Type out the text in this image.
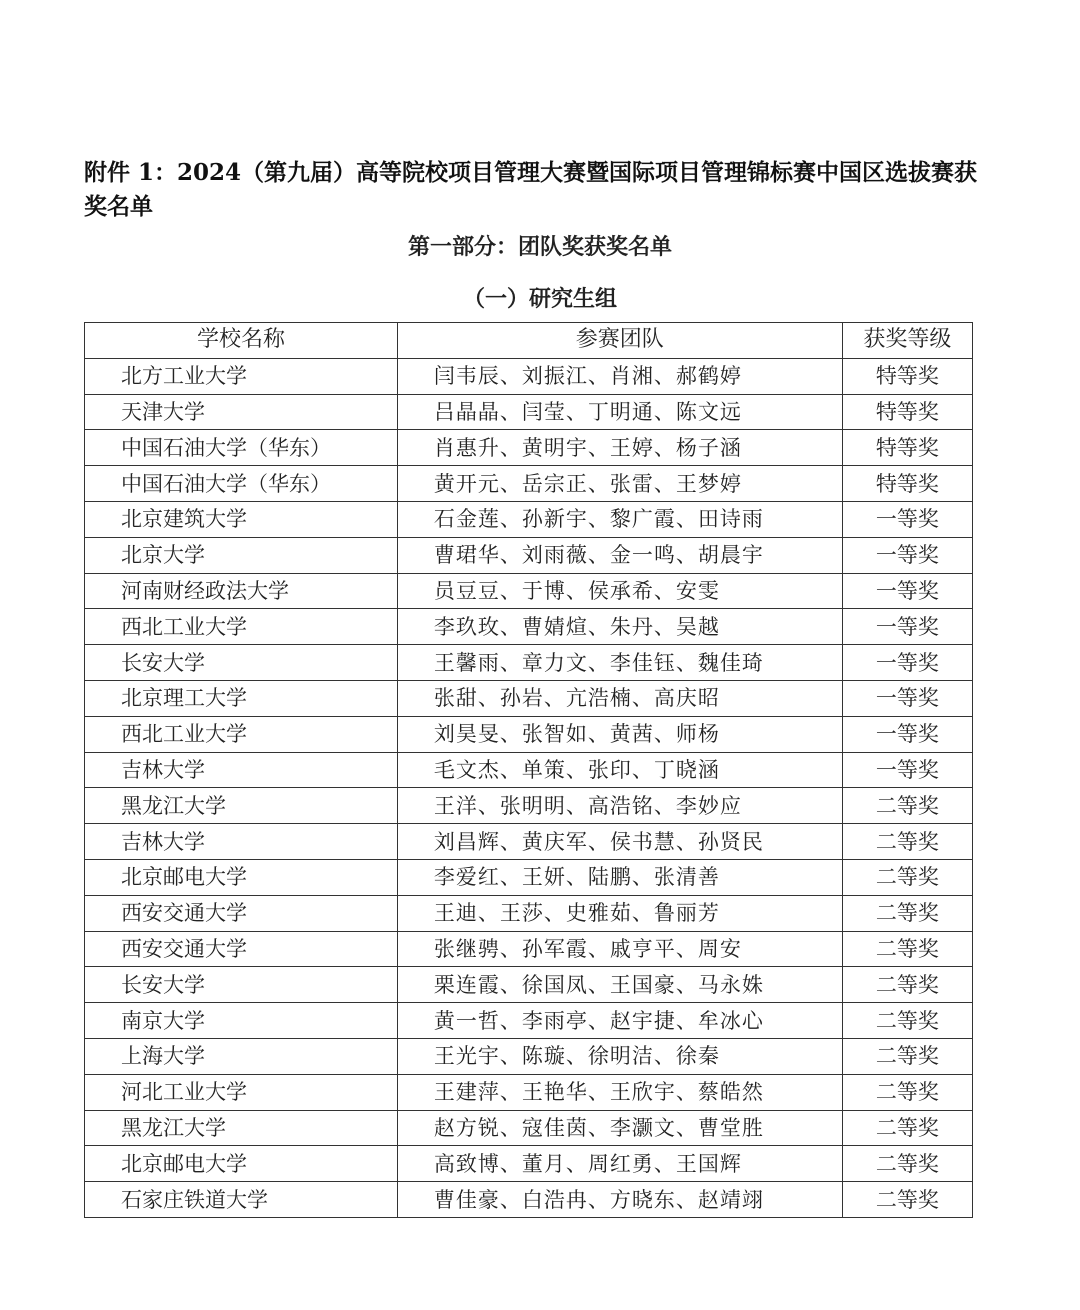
附件 1：2024（第九届）高等院校项目管理大赛暨国际项目管理锦标赛中国区选拔赛获奖名单
第一部分：团队奖获奖名单
（一）研究生组
学校名称	参赛团队	获奖等级
北方工业大学	闫韦辰、刘振江、肖湘、郝鹤婷	特等奖
天津大学	吕晶晶、闫莹、丁明通、陈文远	特等奖
中国石油大学（华东）	肖惠升、黄明宇、王婷、杨子涵	特等奖
中国石油大学（华东）	黄开元、岳宗正、张雷、王梦婷	特等奖
北京建筑大学	石金莲、孙新宇、黎广霞、田诗雨	一等奖
北京大学	曹珺华、刘雨薇、金一鸣、胡晨宇	一等奖
河南财经政法大学	员豆豆、于博、侯承希、安雯	一等奖
西北工业大学	李玖玫、曹婧煊、朱丹、吴越	一等奖
长安大学	王馨雨、章力文、李佳钰、魏佳琦	一等奖
北京理工大学	张甜、孙岩、亢浩楠、高庆昭	一等奖
西北工业大学	刘昊旻、张智如、黄茜、师杨	一等奖
吉林大学	毛文杰、单策、张印、丁晓涵	一等奖
黑龙江大学	王洋、张明明、高浩铭、李妙应	二等奖
吉林大学	刘昌辉、黄庆军、侯书慧、孙贤民	二等奖
北京邮电大学	李爱红、王妍、陆鹏、张清善	二等奖
西安交通大学	王迪、王莎、史雅茹、鲁丽芳	二等奖
西安交通大学	张继骋、孙军霞、戚亨平、周安	二等奖
长安大学	栗连霞、徐国凤、王国豪、马永姝	二等奖
南京大学	黄一哲、李雨亭、赵宇捷、牟冰心	二等奖
上海大学	王光宇、陈璇、徐明洁、徐秦	二等奖
河北工业大学	王建萍、王艳华、王欣宇、蔡皓然	二等奖
黑龙江大学	赵方锐、寇佳茵、李灏文、曹堂胜	二等奖
北京邮电大学	高致博、董月、周红勇、王国辉	二等奖
石家庄铁道大学	曹佳豪、白浩冉、方晓东、赵靖翊	二等奖
